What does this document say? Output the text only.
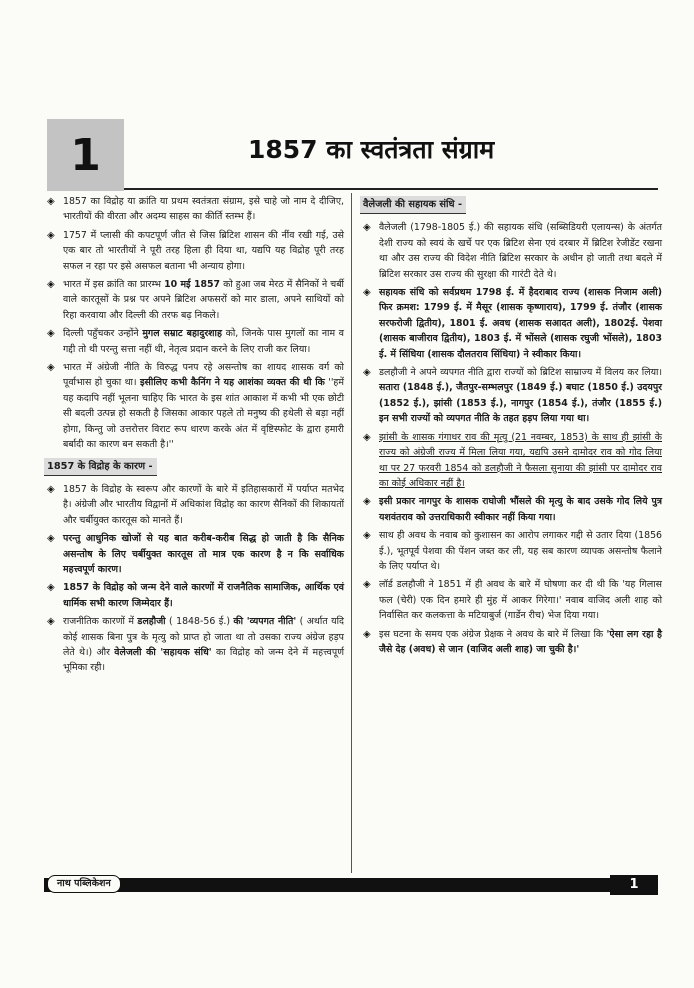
1	1857 का स्वतंत्रता संग्राम
◈ 1857 का विद्रोह या क्रांति या प्रथम स्वतंत्रता संग्राम, इसे चाहे जो नाम दे दीजिए, भारतीयों की वीरता और अदम्य साहस का कीर्ति स्तम्भ हैं।
◈ 1757 में प्लासी की कपटपूर्ण जीत से जिस ब्रिटिश शासन की नींव रखी गई, उसे एक बार तो भारतीयों ने पूरी तरह हिला ही दिया था, यद्यपि यह विद्रोह पूरी तरह सफल न रहा पर इसे असफल बताना भी अन्याय होगा।
◈ भारत में इस क्रांति का प्रारम्भ 10 मई 1857 को हुआ जब मेरठ में सैनिकों ने चर्बी वाले कारतूसों के प्रश्न पर अपने ब्रिटिश अफसरों को मार डाला, अपने साथियों को रिहा करवाया और दिल्ली की तरफ बढ़ निकले।
◈ दिल्ली पहुँचकर उन्होंने मुगल सम्राट बहादुरशाह को, जिनके पास मुगलों का नाम व गद्दी तो थी परन्तु सत्ता नहीं थी, नेतृत्व प्रदान करने के लिए राजी कर लिया।
◈ भारत में अंग्रेजी नीति के विरुद्ध पनप रहे असन्तोष का शायद शासक वर्ग को पूर्वाभास हो चुका था। इसीलिए कभी कैनिंग ने यह आशंका व्यक्त की थी कि ''हमें यह कदापि नहीं भूलना चाहिए कि भारत के इस शांत आकाश में कभी भी एक छोटी सी बदली उत्पन्न हो सकती है जिसका आकार पहले तो मनुष्य की हथेली से बड़ा नहीं होगा, किन्तु जो उत्तरोत्तर विराट रूप धारण करके अंत में वृष्टिस्फोट के द्वारा हमारी बर्बादी का कारण बन सकती है।''
1857 के विद्रोह के कारण -
◈ 1857 के विद्रोह के स्वरूप और कारणों के बारे में इतिहासकारों में पर्याप्त मतभेद है। अंग्रेजी और भारतीय विद्वानों में अधिकांश विद्रोह का कारण सैनिकों की शिकायतों और चर्बीयुक्त कारतूस को मानते हैं।
◈ परन्तु आधुनिक खोजों से यह बात करीब-करीब सिद्ध हो जाती है कि सैनिक असन्तोष के लिए चर्बीयुक्त कारतूस तो मात्र एक कारण है न कि सर्वाधिक महत्त्वपूर्ण कारण।
◈ 1857 के विद्रोह को जन्म देने वाले कारणों में राजनैतिक सामाजिक, आर्थिक एवं धार्मिक सभी कारण जिम्मेदार हैं।
◈ राजनीतिक कारणों में डलहौजी ( 1848-56 ई.) की 'व्यपगत नीति' ( अर्थात यदि कोई शासक बिना पुत्र के मृत्यु को प्राप्त हो जाता था तो उसका राज्य अंग्रेज हड़प लेते थे।) और वेलेजली की 'सहायक संधि' का विद्रोह को जन्म देने में महत्त्वपूर्ण भूमिका रही।
वैलेजली की सहायक संधि -
◈ वैलेजली (1798-1805 ई.) की सहायक संधि (सब्सिडियरी एलायन्स) के अंतर्गत देशी राज्य को स्वयं के खर्चे पर एक ब्रिटिश सेना एवं दरबार में ब्रिटिश रेजीडेंट रखना था और उस राज्य की विदेश नीति ब्रिटिश सरकार के अधीन हो जाती तथा बदले में ब्रिटिश सरकार उस राज्य की सुरक्षा की गारंटी देते थे।
◈ सहायक संधि को सर्वप्रथम 1798 ई. में हैदराबाद राज्य (शासक निजाम अली) फिर क्रमश: 1799 ई. में मैसूर (शासक कृष्णाराय), 1799 ई. तंजौर (शासक सरफरोजी द्वितीय), 1801 ई. अवध (शासक सआदत अली), 1802ई. पेशवा (शासक बाजीराव द्वितीय), 1803 ई. में भोंसले (शासक रघुजी भोंसले), 1803 ई. में सिंधिया (शासक दौलतराव सिंधिया) ने स्वीकार किया।
◈ डलहौजी ने अपने व्यपगत नीति द्वारा राज्यों को ब्रिटिश साम्राज्य में विलय कर लिया। सतारा (1848 ई.), जैतपुर-सम्भलपुर (1849 ई.) बघाट (1850 ई.) उदयपुर (1852 ई.), झांसी (1853 ई.), नागपुर (1854 ई.), तंजौर (1855 ई.) इन सभी राज्यों को व्यपगत नीति के तहत हड़प लिया गया था।
◈ झांसी के शासक गंगाधर राव की मृत्यु (21 नवम्बर, 1853) के साथ ही झांसी के राज्य को अंग्रेजी राज्य में मिला लिया गया, यद्यपि उसने दामोदर राव को गोद लिया था पर 27 फरवरी 1854 को डलहौजी ने फैसला सुनाया की झांसी पर दामोदर राव का कोई अधिकार नहीं है।
◈ इसी प्रकार नागपुर के शासक राघोजी भौंसले की मृत्यु के बाद उसके गोद लिये पुत्र यशवंतराव को उत्तराधिकारी स्वीकार नहीं किया गया।
◈ साथ ही अवध के नवाब को कुशासन का आरोप लगाकर गद्दी से उतार दिया (1856 ई.), भूतपूर्व पेशवा की पेंशन जब्त कर ली, यह सब कारण व्यापक असन्तोष फैलाने के लिए पर्याप्त थे।
◈ लॉर्ड डलहौजी ने 1851 में ही अवध के बारे में घोषणा कर दी थी कि 'यह गिलास फल (चेरी) एक दिन हमारे ही मुंह में आकर गिरेगा।' नवाब वाजिद अली शाह को निर्वासित कर कलकत्ता के मटियाबुर्ज (गार्डेन रीच) भेज दिया गया।
◈ इस घटना के समय एक अंग्रेज प्रेक्षक ने अवध के बारे में लिखा कि 'ऐसा लग रहा है जैसे देह (अवध) से जान (वाजिद अली शाह) जा चुकी है।'
नाथ पब्लिकेशन	1
